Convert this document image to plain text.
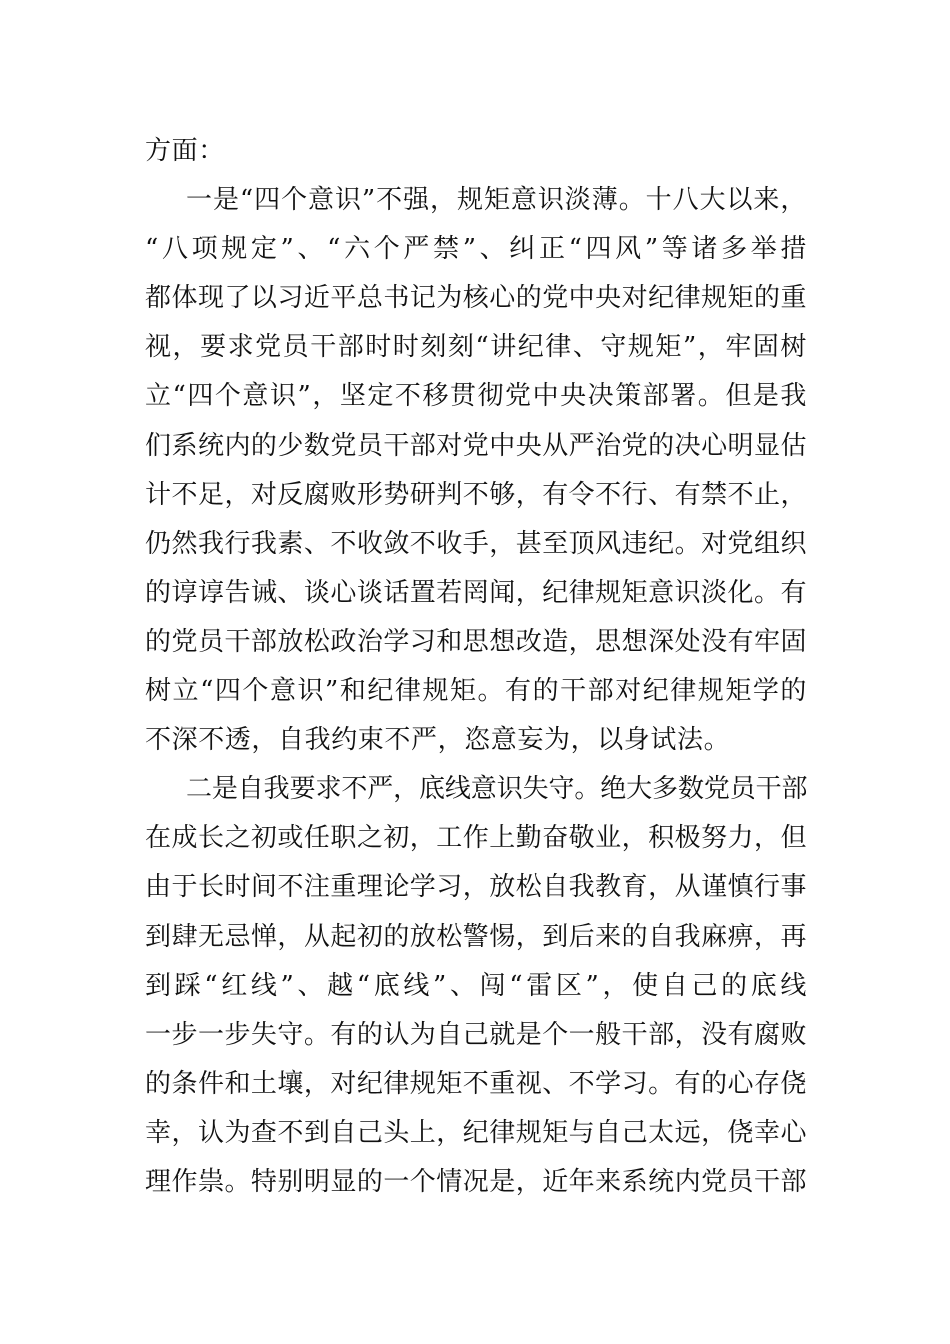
方面：
一是“四个意识”不强，规矩意识淡薄。十八大以来，
“八项规定”、“六个严禁”、纠正“四风”等诸多举措
都体现了以习近平总书记为核心的党中央对纪律规矩的重
视，要求党员干部时时刻刻“讲纪律、守规矩”，牢固树
立“四个意识”，坚定不移贯彻党中央决策部署。但是我
们系统内的少数党员干部对党中央从严治党的决心明显估
计不足，对反腐败形势研判不够，有令不行、有禁不止，
仍然我行我素、不收敛不收手，甚至顶风违纪。对党组织
的谆谆告诫、谈心谈话置若罔闻，纪律规矩意识淡化。有
的党员干部放松政治学习和思想改造，思想深处没有牢固
树立“四个意识”和纪律规矩。有的干部对纪律规矩学的
不深不透，自我约束不严，恣意妄为，以身试法。
二是自我要求不严，底线意识失守。绝大多数党员干部
在成长之初或任职之初，工作上勤奋敬业，积极努力，但
由于长时间不注重理论学习，放松自我教育，从谨慎行事
到肆无忌惮，从起初的放松警惕，到后来的自我麻痹，再
到踩“红线”、越“底线”、闯“雷区”，使自己的底线
一步一步失守。有的认为自己就是个一般干部，没有腐败
的条件和土壤，对纪律规矩不重视、不学习。有的心存侥
幸，认为查不到自己头上，纪律规矩与自己太远，侥幸心
理作祟。特别明显的一个情况是，近年来系统内党员干部
